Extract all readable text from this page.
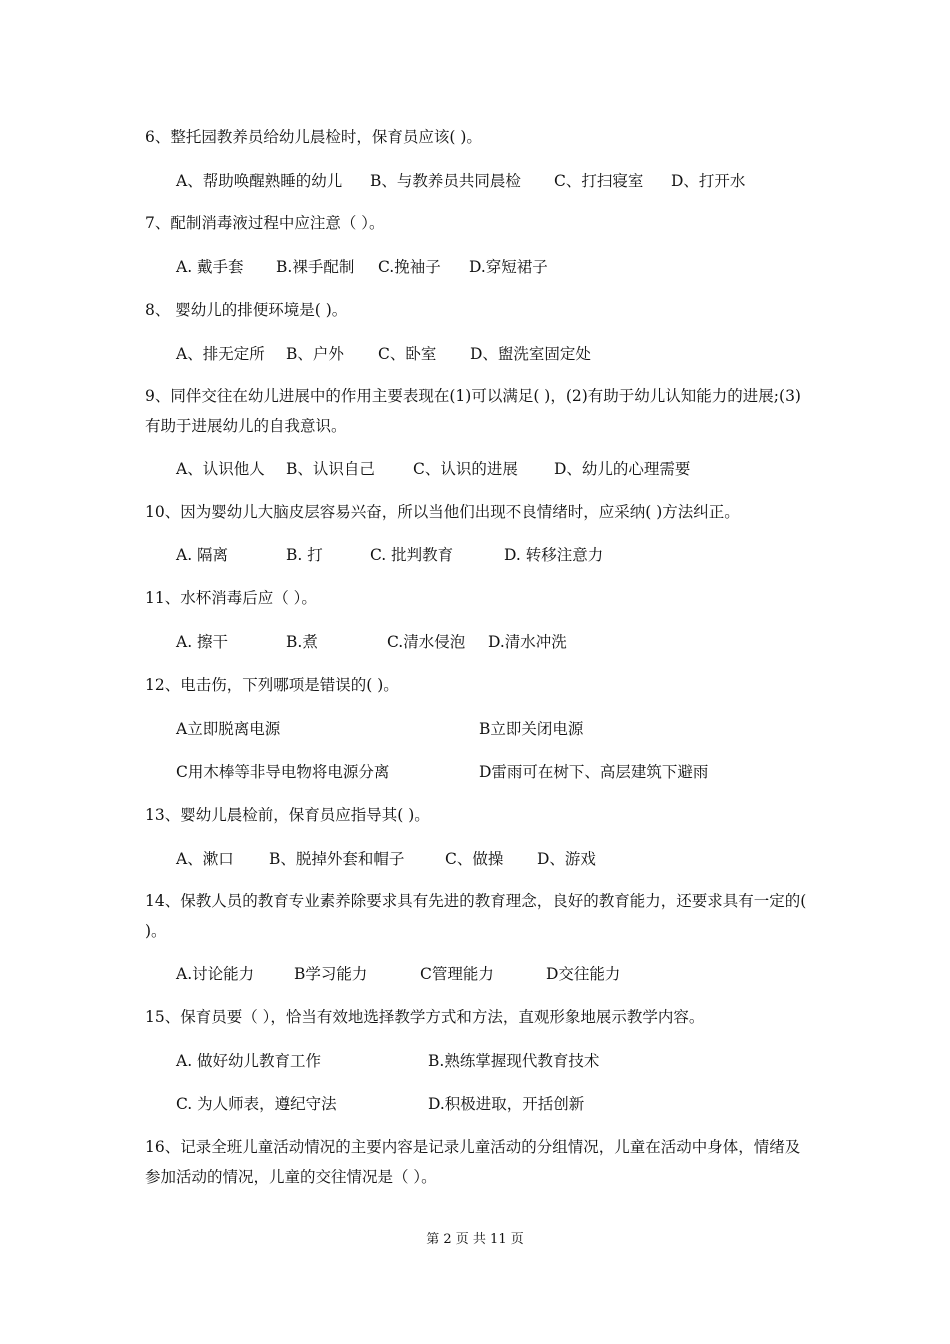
6、整托园教养员给幼儿晨检时，保育员应该( )。
A、帮助唤醒熟睡的幼儿 B、与教养员共同晨检 C、打扫寝室 D、打开水
7、配制消毒液过程中应注意（ ）。
A. 戴手套 B.裸手配制 C.挽袖子 D.穿短裙子
8、 婴幼儿的排便环境是( )。
A、排无定所 B、户外 C、卧室 D、盥洗室固定处
9、同伴交往在幼儿进展中的作用主要表现在(1)可以满足( )，(2)有助于幼儿认知能力的进展;(3)有助于进展幼儿的自我意识。
A、认识他人 B、认识自己 C、认识的进展 D、幼儿的心理需要
10、因为婴幼儿大脑皮层容易兴奋，所以当他们出现不良情绪时，应采纳( )方法纠正。
A. 隔离	B. 打	C. 批判教育	D. 转移注意力
11、水杯消毒后应（ ）。
A. 擦干	B.煮	C.清水侵泡 D.清水冲洗
12、电击伤，下列哪项是错误的( )。
A立即脱离电源	B立即关闭电源
C用木棒等非导电物将电源分离	D雷雨可在树下、高层建筑下避雨
13、婴幼儿晨检前，保育员应指导其( )。
A、漱口 B、脱掉外套和帽子	C、做操 D、游戏
14、保教人员的教育专业素养除要求具有先进的教育理念，良好的教育能力，还要求具有一定的( )。
A.讨论能力	B学习能力	C管理能力	D交往能力
15、保育员要（ ），恰当有效地选择教学方式和方法，直观形象地展示教学内容。
A. 做好幼儿教育工作	B.熟练掌握现代教育技术
C. 为人师表，遵纪守法	D.积极进取，开括创新
16、记录全班儿童活动情况的主要内容是记录儿童活动的分组情况，儿童在活动中身体，情绪及参加活动的情况，儿童的交往情况是（ ）。
第 2 页 共 11 页
